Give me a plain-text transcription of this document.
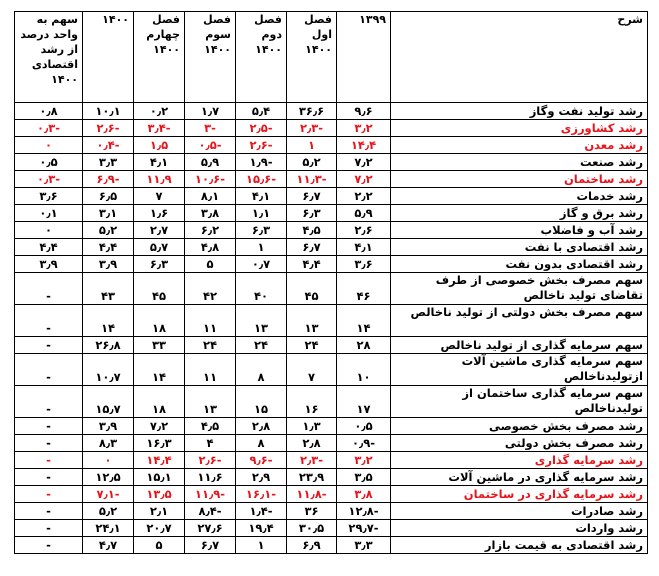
شرح	۱۳۹۹	فصل اول ۱۴۰۰	فصل دوم ۱۴۰۰	فصل سوم ۱۴۰۰	فصل چهارم ۱۴۰۰	۱۴۰۰	سهم به واحد درصد از رشد اقتصادی ۱۴۰۰
رشد تولید نفت وگاز	۹٫۶	۳۶٫۶	۵٫۴	۱٫۷	۰٫۲	۱۰٫۱	۰٫۸
رشد کشاورزی	۳٫۲	-۲٫۳	-۲٫۵	-۳	-۳٫۴	-۲٫۶	-۰٫۳
رشد معدن	۱۴٫۴	۱	-۲٫۶	-۰٫۵	۱٫۵	-۰٫۴	۰
رشد صنعت	۷٫۲	۵٫۲	-۱٫۹	۵٫۹	۴٫۱	۳٫۳	۰٫۵
رشد ساختمان	۷٫۲	-۱۱٫۳	-۱۵٫۶	-۱۰٫۶	۱۱٫۹	-۶٫۹	-۰٫۳
رشد خدمات	۲٫۲	۶٫۷	۴٫۱	۸٫۱	۷	۶٫۵	۳٫۶
رشد برق و گاز	۵٫۹	۶٫۳	۱٫۱	۳٫۸	۱٫۶	۳٫۱	۰٫۱
رشد آب و فاضلاب	۲٫۶	۴٫۵	۶٫۳	۶٫۲	۲٫۷	۵٫۲	۰
رشد اقتصادی با نفت	۴٫۱	۶٫۷	۱	۴٫۸	۵٫۷	۴٫۴	۴٫۴
رشد اقتصادی بدون نفت	۳٫۶	۴٫۴	۰٫۷	۵	۶٫۳	۳٫۹	۳٫۹
سهم مصرف بخش خصوصی از طرف تقاضای تولید ناخالص	۴۶	۴۵	۴۰	۴۲	۴۵	۴۳	-
سهم مصرف بخش دولتی از تولید ناخالص	۱۴	۱۳	۱۳	۱۱	۱۸	۱۴	-
سهم سرمایه گذاری از تولید ناخالص	۲۸	۲۴	۲۴	۲۴	۳۳	۲۶٫۸	-
سهم سرمایه گذاری ماشین آلات ازتولیدناخالص	۱۰	۷	۸	۱۱	۱۴	۱۰٫۷	-
سهم سرمایه گذاری ساختمان از تولیدناخالص	۱۷	۱۶	۱۵	۱۳	۱۸	۱۵٫۷	-
رشد مصرف بخش خصوصی	۰٫۵	۱٫۳	۲٫۸	۴٫۵	۷٫۲	۳٫۹	-
رشد مصرف بخش دولتی	-۰٫۹	۲٫۸	۸	۴	۱۶٫۳	۸٫۳	-
رشد سرمایه گذاری	۳٫۲	-۲٫۳	-۹٫۶	-۲٫۶	۱۴٫۴	۰	-
رشد سرمایه گذاری در ماشین آلات	۳٫۵	۲۳٫۹	۲٫۹	۱۱٫۶	۱۵٫۱	۱۲٫۵	-
رشد سرمایه گذاری در ساختمان	۳٫۸	-۱۱٫۸	-۱۶٫۱	-۱۱٫۹	۱۳٫۵	-۷٫۱	-
رشد صادرات	-۱۲٫۸	۳۶	-۱٫۴	-۸٫۴	۲٫۱	۵٫۲	-
رشد واردات	-۲۹٫۷	۳۰٫۵	۱۹٫۴	۲۷٫۶	۲۰٫۷	۲۴٫۱	-
رشد اقتصادی به قیمت بازار	۳٫۳	۶٫۹	۱	۶٫۷	۵	۴٫۷	-
